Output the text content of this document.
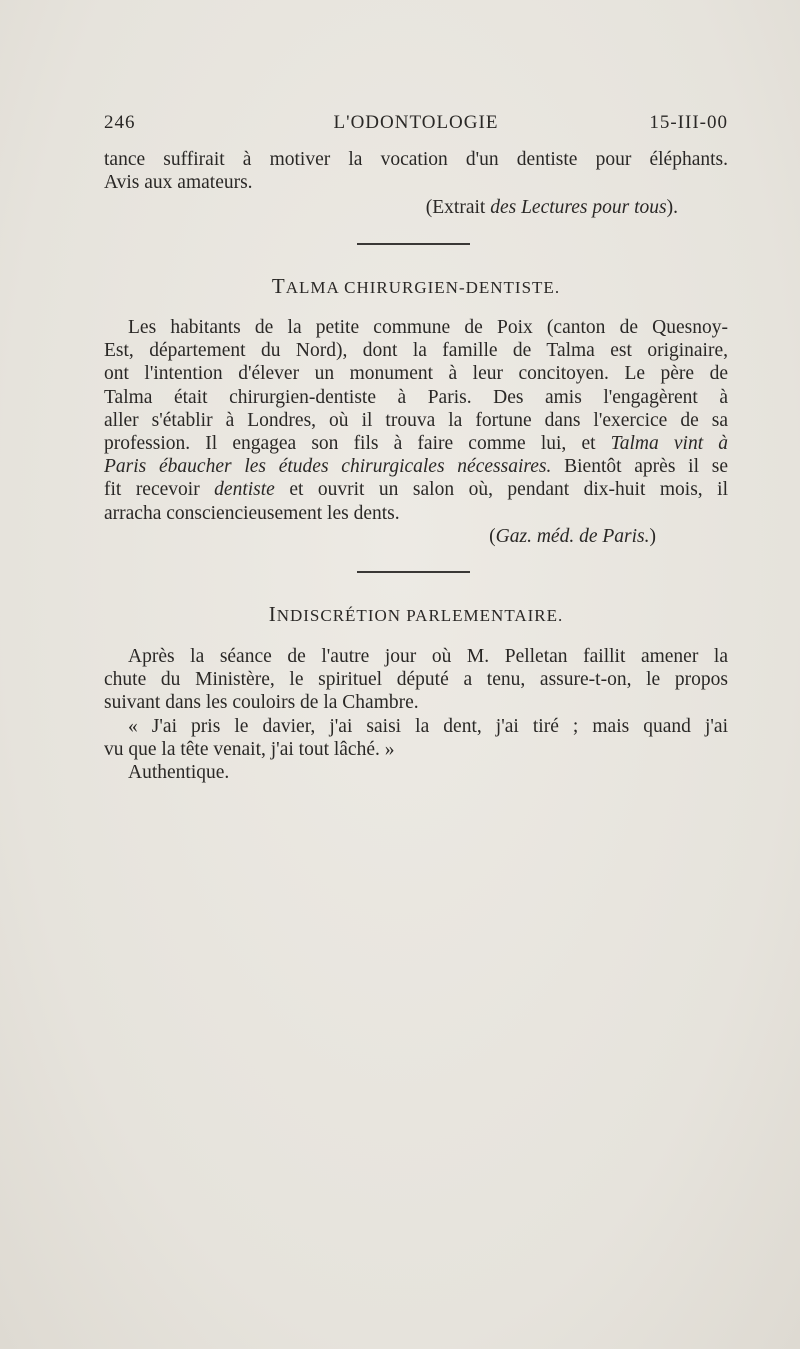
246	L'ODONTOLOGIE	15-III-00

tance suffirait à motiver la vocation d'un dentiste pour éléphants.

Avis aux amateurs.

(Extrait des Lectures pour tous).

TALMA CHIRURGIEN-DENTISTE.

Les habitants de la petite commune de Poix (canton de Quesnoy-

Est, département du Nord), dont la famille de Talma est originaire,

ont l'intention d'élever un monument à leur concitoyen. Le père de

Talma était chirurgien-dentiste à Paris. Des amis l'engagèrent à

aller s'établir à Londres, où il trouva la fortune dans l'exercice de sa

profession. Il engagea son fils à faire comme lui, et Talma vint à

Paris ébaucher les études chirurgicales nécessaires. Bientôt après il se

fit recevoir dentiste et ouvrit un salon où, pendant dix-huit mois, il

arracha consciencieusement les dents.

(Gaz. méd. de Paris.)

INDISCRÉTION PARLEMENTAIRE.

Après la séance de l'autre jour où M. Pelletan faillit amener la

chute du Ministère, le spirituel député a tenu, assure-t-on, le propos

suivant dans les couloirs de la Chambre.

« J'ai pris le davier, j'ai saisi la dent, j'ai tiré ; mais quand j'ai

vu que la tête venait, j'ai tout lâché. »

Authentique.
